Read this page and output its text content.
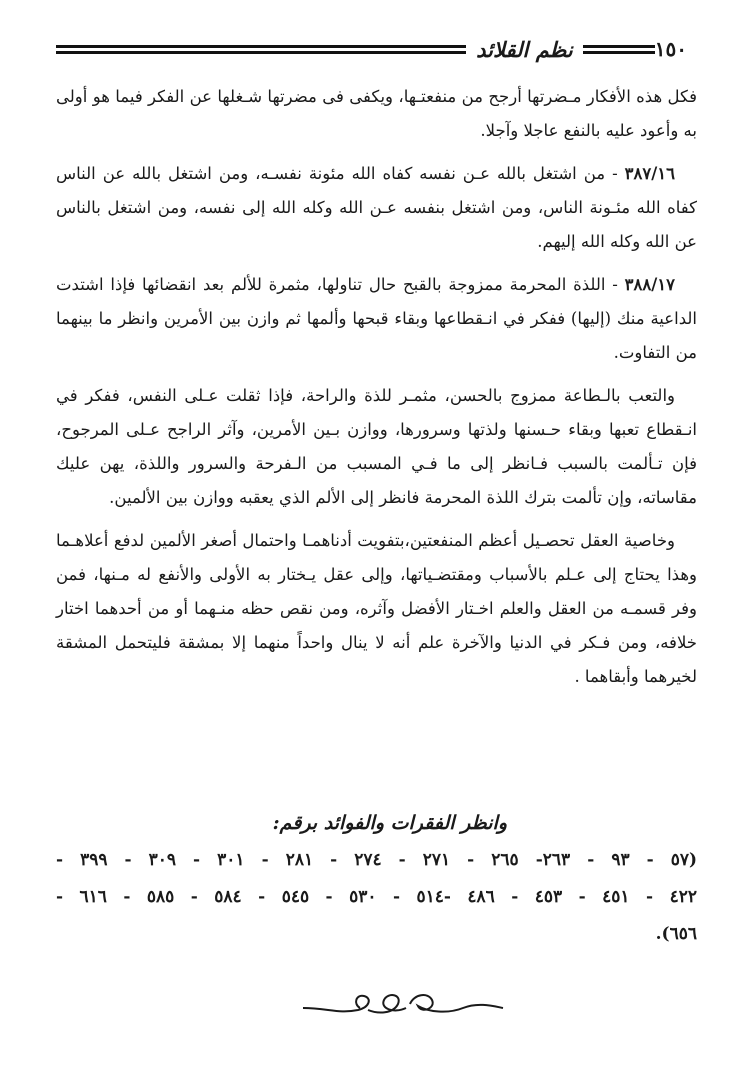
١٥٠
نظم القلائد

فكل هذه الأفكار مـضرتها أرجح من منفعتـها، ويكفى فى مضرتها شـغلها عن الفكر فيما هو أولى به وأعود عليه بالنفع عاجلا وآجلا.

٣٨٧/١٦ - من اشتغل بالله عـن نفسه كفاه الله مئونة نفسـه، ومن اشتغل بالله عن الناس كفاه الله مئـونة الناس، ومن اشتغل بنفسه عـن الله وكله الله إلى نفسه، ومن اشتغل بالناس عن الله وكله الله إليهم.

٣٨٨/١٧ - اللذة المحرمة ممزوجة بالقبح حال تناولها، مثمرة للألم بعد انقضائها فإذا اشتدت الداعية منك (إليها) ففكر في انـقطاعها وبقاء قبحها وألمها ثم وازن بين الأمرين وانظر ما بينهما من التفاوت.

والتعب بالـطاعة ممزوج بالحسن، مثمـر للذة والراحة، فإذا ثقلت عـلى النفس، ففكر في انـقطاع تعبها وبقاء حـسنها ولذتها وسرورها، ووازن بـين الأمرين، وآثر الراجح عـلى المرجوح، فإن تـألمت بالسبب فـانظر إلى ما فـي المسبب من الـفرحة والسرور واللذة، يهن عليك مقاساته، وإن تألمت بترك اللذة المحرمة فانظر إلى الألم الذي يعقبه ووازن بين الألمين.

وخاصية العقل تحصـيل أعظم المنفعتين،بتفويت أدناهمـا واحتمال أصغر الألمين لدفع أعلاهـما وهذا يحتاج إلى عـلم بالأسباب ومقتضـياتها، وإلى عقل يـختار به الأولى والأنفع له مـنها، فمن وفر قسمـه من العقل والعلم اخـتار الأفضل وآثره، ومن نقص حظه منـهما أو من أحدهما اختار خلافه، ومن فـكر في الدنيا والآخرة علم أنه لا ينال واحداً منهما إلا بمشقة فليتحمل المشقة لخيرهما وأبقاهما .

وانظر الفقرات والفوائد برقم:
(٥٧ - ٩٣ - ٢٦٣- ٢٦٥ - ٢٧١ - ٢٧٤ - ٢٨١ - ٣٠١ - ٣٠٩ - ٣٩٩ -
٤٢٢ - ٤٥١ - ٤٥٣ - ٤٨٦ -٥١٤ - ٥٣٠ - ٥٤٥ - ٥٨٤ - ٥٨٥ - ٦١٦ -
٦٥٦).
